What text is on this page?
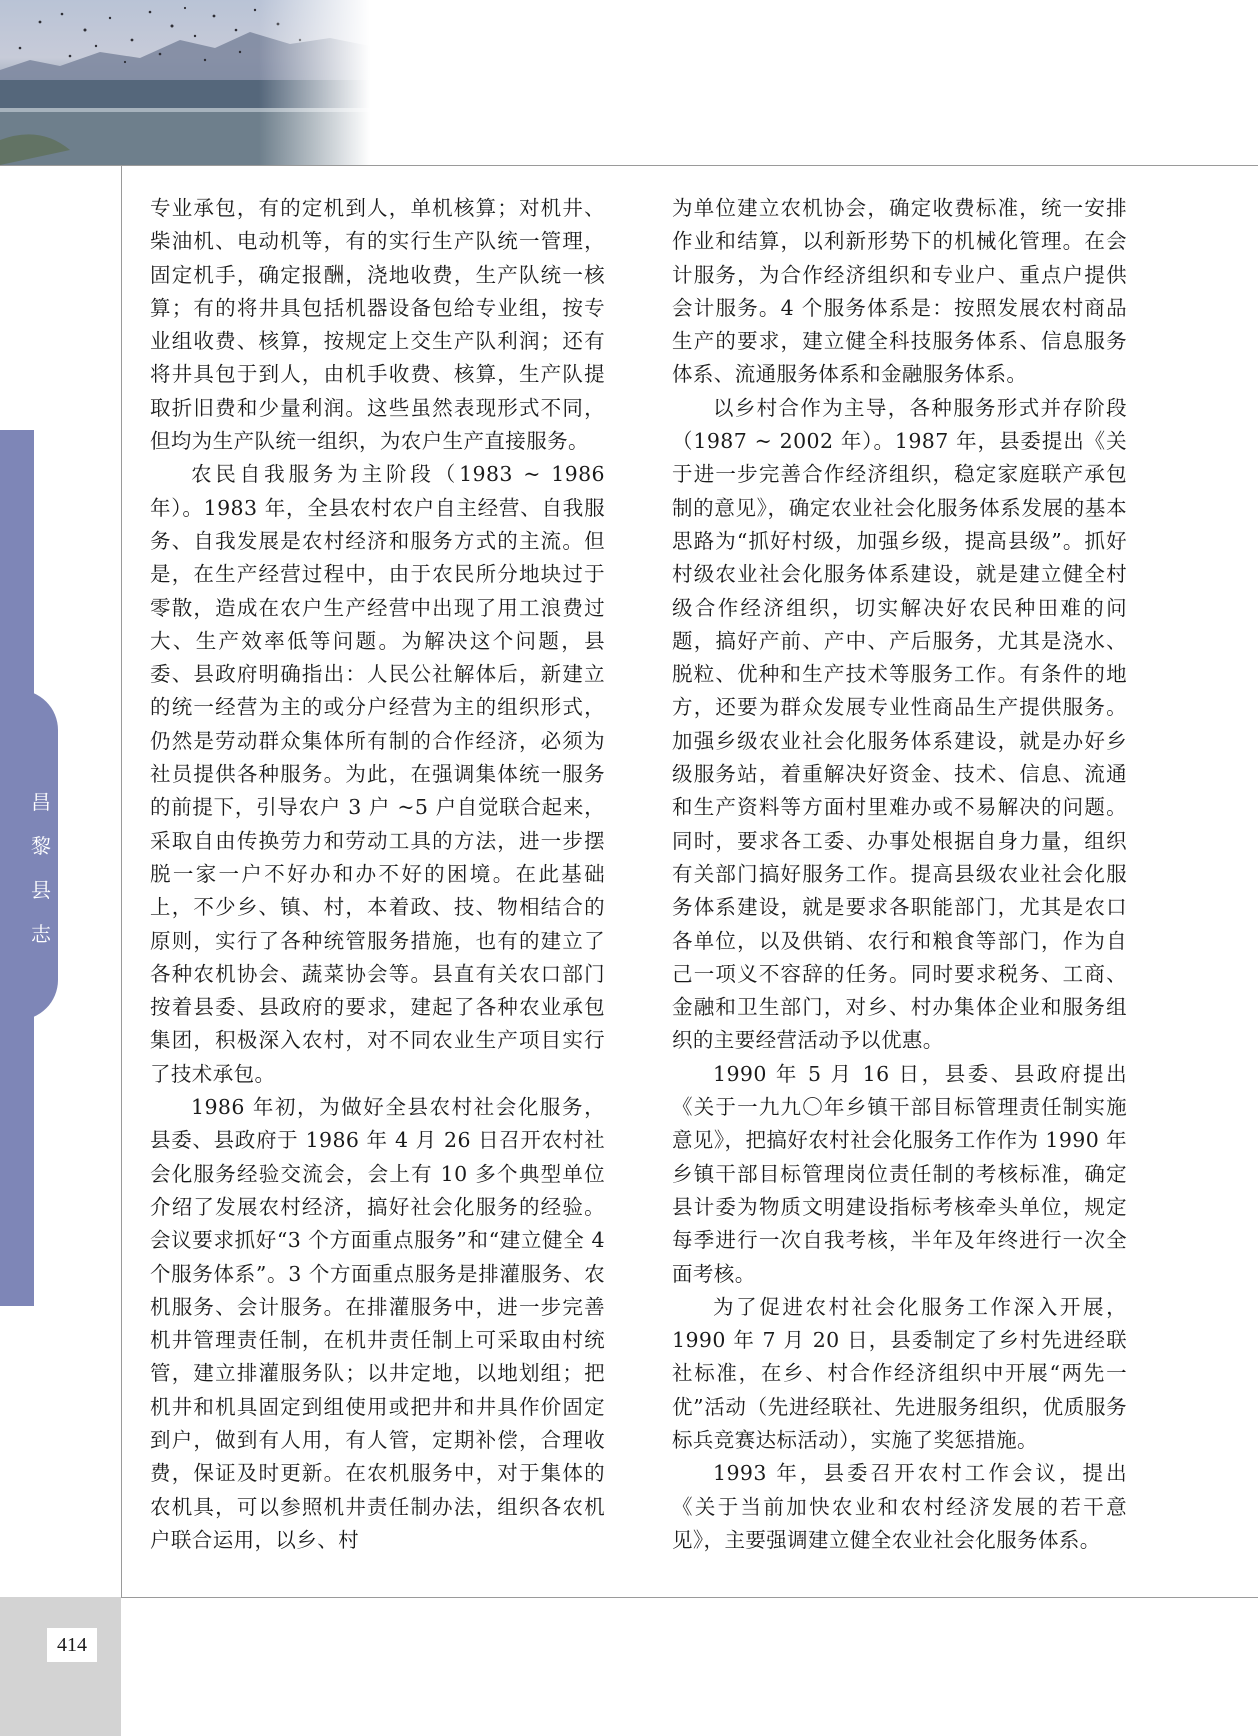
昌
黎
县
志
414

专业承包，有的定机到人，单机核算；对机井、柴油机、电动机等，有的实行生产队统一管理，固定机手，确定报酬，浇地收费，生产队统一核算；有的将井具包括机器设备包给专业组，按专业组收费、核算，按规定上交生产队利润；还有将井具包于到人，由机手收费、核算，生产队提取折旧费和少量利润。这些虽然表现形式不同，但均为生产队统一组织，为农户生产直接服务。

农民自我服务为主阶段（1983 ~ 1986 年）。1983 年，全县农村农户自主经营、自我服务、自我发展是农村经济和服务方式的主流。但是，在生产经营过程中，由于农民所分地块过于零散，造成在农户生产经营中出现了用工浪费过大、生产效率低等问题。为解决这个问题，县委、县政府明确指出：人民公社解体后，新建立的统一经营为主的或分户经营为主的组织形式，仍然是劳动群众集体所有制的合作经济，必须为社员提供各种服务。为此，在强调集体统一服务的前提下，引导农户 3 户 ~5 户自觉联合起来，采取自由传换劳力和劳动工具的方法，进一步摆脱一家一户不好办和办不好的困境。在此基础上，不少乡、镇、村，本着政、技、物相结合的原则，实行了各种统管服务措施，也有的建立了各种农机协会、蔬菜协会等。县直有关农口部门按着县委、县政府的要求，建起了各种农业承包集团，积极深入农村，对不同农业生产项目实行了技术承包。

1986 年初，为做好全县农村社会化服务，县委、县政府于 1986 年 4 月 26 日召开农村社会化服务经验交流会，会上有 10 多个典型单位介绍了发展农村经济，搞好社会化服务的经验。会议要求抓好“3 个方面重点服务”和“建立健全 4 个服务体系”。3 个方面重点服务是排灌服务、农机服务、会计服务。在排灌服务中，进一步完善机井管理责任制，在机井责任制上可采取由村统管，建立排灌服务队；以井定地，以地划组；把机井和机具固定到组使用或把井和井具作价固定到户，做到有人用，有人管，定期补偿，合理收费，保证及时更新。在农机服务中，对于集体的农机具，可以参照机井责任制办法，组织各农机户联合运用，以乡、村

为单位建立农机协会，确定收费标准，统一安排作业和结算，以利新形势下的机械化管理。在会计服务，为合作经济组织和专业户、重点户提供会计服务。4 个服务体系是：按照发展农村商品生产的要求，建立健全科技服务体系、信息服务体系、流通服务体系和金融服务体系。

以乡村合作为主导，各种服务形式并存阶段（1987 ~ 2002 年）。1987 年，县委提出《关于进一步完善合作经济组织，稳定家庭联产承包制的意见》，确定农业社会化服务体系发展的基本思路为“抓好村级，加强乡级，提高县级”。抓好村级农业社会化服务体系建设，就是建立健全村级合作经济组织，切实解决好农民种田难的问题，搞好产前、产中、产后服务，尤其是浇水、脱粒、优种和生产技术等服务工作。有条件的地方，还要为群众发展专业性商品生产提供服务。加强乡级农业社会化服务体系建设，就是办好乡级服务站，着重解决好资金、技术、信息、流通和生产资料等方面村里难办或不易解决的问题。同时，要求各工委、办事处根据自身力量，组织有关部门搞好服务工作。提高县级农业社会化服务体系建设，就是要求各职能部门，尤其是农口各单位，以及供销、农行和粮食等部门，作为自己一项义不容辞的任务。同时要求税务、工商、金融和卫生部门，对乡、村办集体企业和服务组织的主要经营活动予以优惠。

1990 年 5 月 16 日，县委、县政府提出《关于一九九〇年乡镇干部目标管理责任制实施意见》，把搞好农村社会化服务工作作为 1990 年乡镇干部目标管理岗位责任制的考核标准，确定县计委为物质文明建设指标考核牵头单位，规定每季进行一次自我考核，半年及年终进行一次全面考核。

为了促进农村社会化服务工作深入开展，1990 年 7 月 20 日，县委制定了乡村先进经联社标准，在乡、村合作经济组织中开展“两先一优”活动（先进经联社、先进服务组织，优质服务标兵竞赛达标活动），实施了奖惩措施。

1993 年，县委召开农村工作会议，提出《关于当前加快农业和农村经济发展的若干意见》，主要强调建立健全农业社会化服务体系。
